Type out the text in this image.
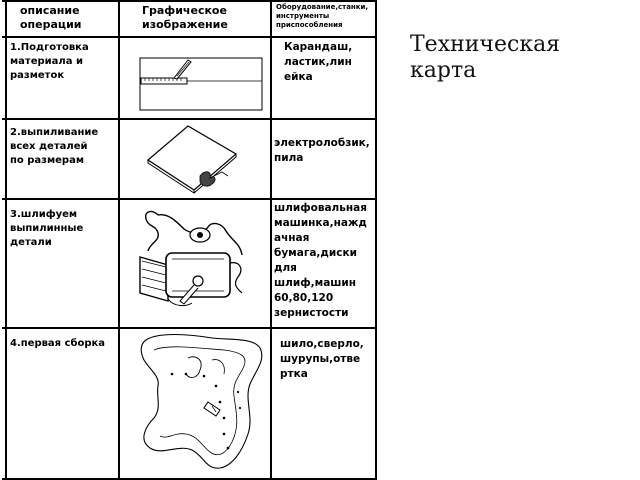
описание
операции
Графическое
изображение
Оборудование,станки,
инструменты
приспособления
1.Подготовка
материала и
разметок
Карандаш,
ластик,лин
ейка
2.выпиливание
всех деталей
по размерам
электролобзик,
пила
3.шлифуем
выпилинные
детали
шлифовальная
машинка,нажд
ачная
бумага,диски
для
шлиф,машин
60,80,120
зернистости
4.первая сборка	шило,сверло,
шурупы,отве
ртка
Техническая
карта
